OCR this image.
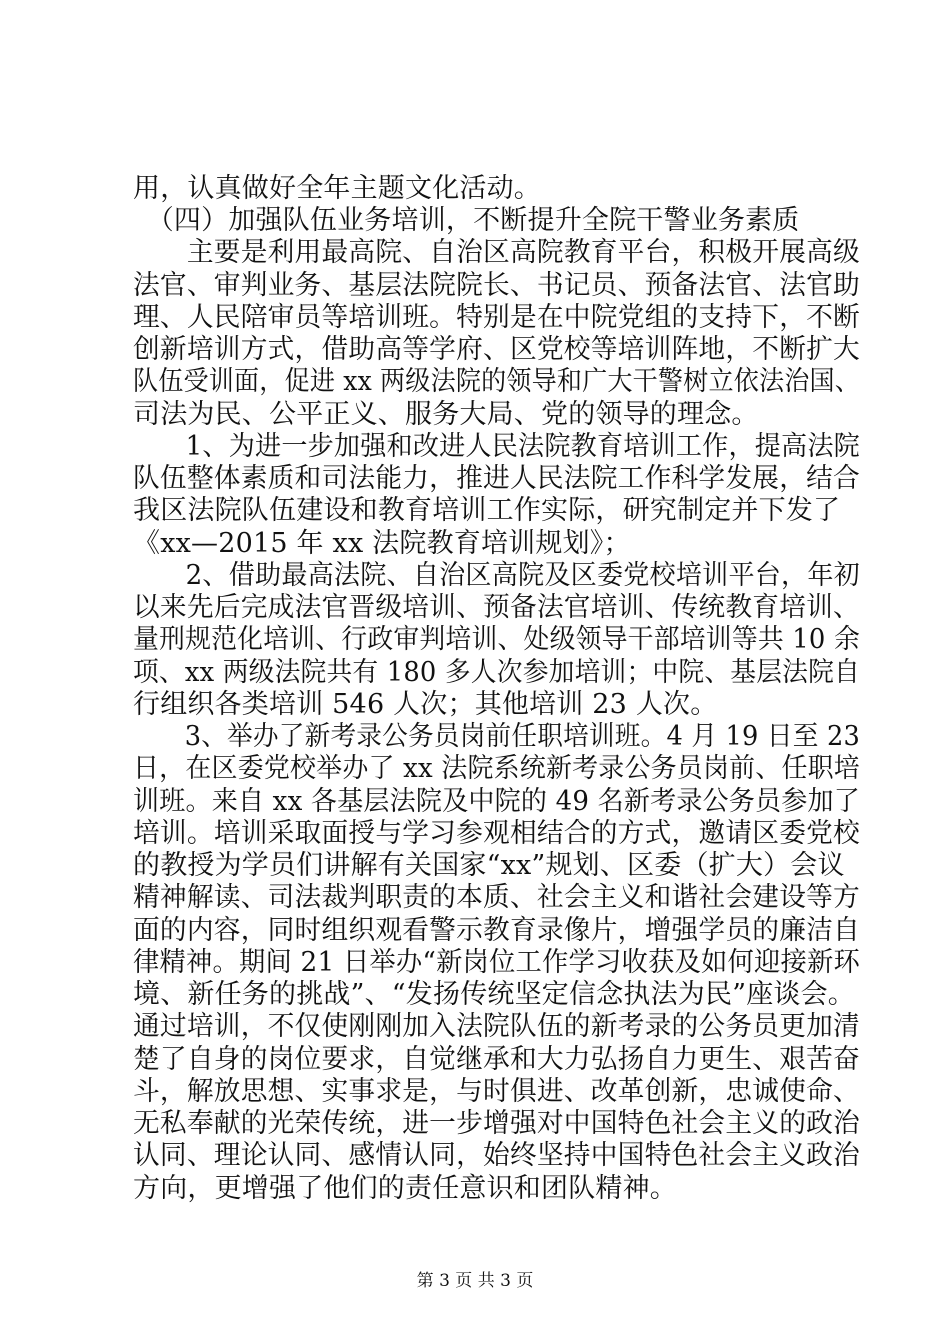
用，认真做好全年主题文化活动。
　（四）加强队伍业务培训，不断提升全院干警业务素质
　　主要是利用最高院、自治区高院教育平台，积极开展高级
法官、审判业务、基层法院院长、书记员、预备法官、法官助
理、人民陪审员等培训班。特别是在中院党组的支持下，不断
创新培训方式，借助高等学府、区党校等培训阵地，不断扩大
队伍受训面，促进 xx 两级法院的领导和广大干警树立依法治国、
司法为民、公平正义、服务大局、党的领导的理念。
　　1、为进一步加强和改进人民法院教育培训工作，提高法院
队伍整体素质和司法能力，推进人民法院工作科学发展，结合
我区法院队伍建设和教育培训工作实际，研究制定并下发了
《xx—2015 年 xx 法院教育培训规划》；
　　2、借助最高法院、自治区高院及区委党校培训平台，年初
以来先后完成法官晋级培训、预备法官培训、传统教育培训、
量刑规范化培训、行政审判培训、处级领导干部培训等共 10 余
项、xx 两级法院共有 180 多人次参加培训；中院、基层法院自
行组织各类培训 546 人次；其他培训 23 人次。
　　3、举办了新考录公务员岗前任职培训班。4 月 19 日至 23
日，在区委党校举办了 xx 法院系统新考录公务员岗前、任职培
训班。来自 xx 各基层法院及中院的 49 名新考录公务员参加了
培训。培训采取面授与学习参观相结合的方式，邀请区委党校
的教授为学员们讲解有关国家“xx”规划、区委（扩大）会议
精神解读、司法裁判职责的本质、社会主义和谐社会建设等方
面的内容，同时组织观看警示教育录像片，增强学员的廉洁自
律精神。期间 21 日举办“新岗位工作学习收获及如何迎接新环
境、新任务的挑战”、“发扬传统坚定信念执法为民”座谈会。
通过培训，不仅使刚刚加入法院队伍的新考录的公务员更加清
楚了自身的岗位要求，自觉继承和大力弘扬自力更生、艰苦奋
斗，解放思想、实事求是，与时俱进、改革创新，忠诚使命、
无私奉献的光荣传统，进一步增强对中国特色社会主义的政治
认同、理论认同、感情认同，始终坚持中国特色社会主义政治
方向，更增强了他们的责任意识和团队精神。
第 3 页 共 3 页
